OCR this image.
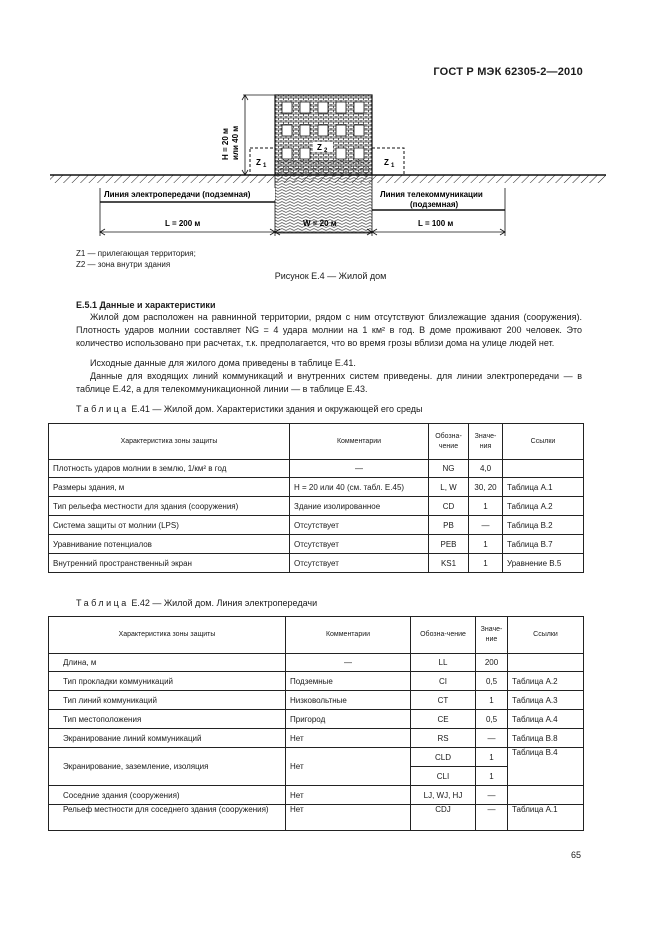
ГОСТ Р МЭК 62305-2—2010
Z 2
Z 1	Z 1
H = 20 м или 40 м
Линия электропередачи (подземная)	Линия телекоммуникации
(подземная)
L = 200 м	W = 20 м	L = 100 м
Z1 — прилегающая территория;
Z2 — зона внутри здания
Рисунок Е.4 — Жилой дом
Е.5.1 Данные и характеристики
Жилой дом расположен на равнинной территории, рядом с ним отсутствуют близлежащие здания (сооружения). Плотность ударов молнии составляет NG = 4 удара молнии на 1 км² в год. В доме проживают 200 человек. Это количество использовано при расчетах, т.к. предполагается, что во время грозы вблизи дома на улице людей нет.
Исходные данные для жилого дома приведены в таблице Е.41.
Данные для входящих линий коммуникаций и внутренних систем приведены. для линии электропередачи — в таблице Е.42, а для телекоммуникационной линии — в таблице Е.43.
Таблица Е.41 — Жилой дом. Характеристики здания и окружающей его среды
Характеристика зоны защиты	Комментарии	Обозна-чение	Значе-ния	Ссылки
Плотность ударов молнии в землю, 1/км² в год	—	NG	4,0	
Размеры здания, м	H = 20 или 40 (см. табл. Е.45)	L, W	30, 20	Таблица А.1
Тип рельефа местности для здания (сооружения)	Здание изолированное	CD	1	Таблица А.2
Система защиты от молнии (LPS)	Отсутствует	PB	—	Таблица В.2
Уравнивание потенциалов	Отсутствует	PEB	1	Таблица В.7
Внутренний пространственный экран	Отсутствует	KS1	1	Уравнение В.5
Таблица Е.42 — Жилой дом. Линия электропередачи
Характеристика зоны защиты	Комментарии	Обозна-чение	Значе-ние	Ссылки
Длина, м	—	LL	200	
Тип прокладки коммуникаций	Подземные	CI	0,5	Таблица А.2
Тип линий коммуникаций	Низковольтные	CT	1	Таблица А.3
Тип местоположения	Пригород	CE	0,5	Таблица А.4
Экранирование линий коммуникаций	Нет	RS	—	Таблица В.8
Экранирование, заземление, изоляция	Нет	CLD	1	Таблица В.4
		CLI	1	
Соседние здания (сооружения)	Нет	LJ, WJ, HJ	—	
Рельеф местности для соседнего здания (сооружения)	Нет	CDJ	—	Таблица А.1
65
